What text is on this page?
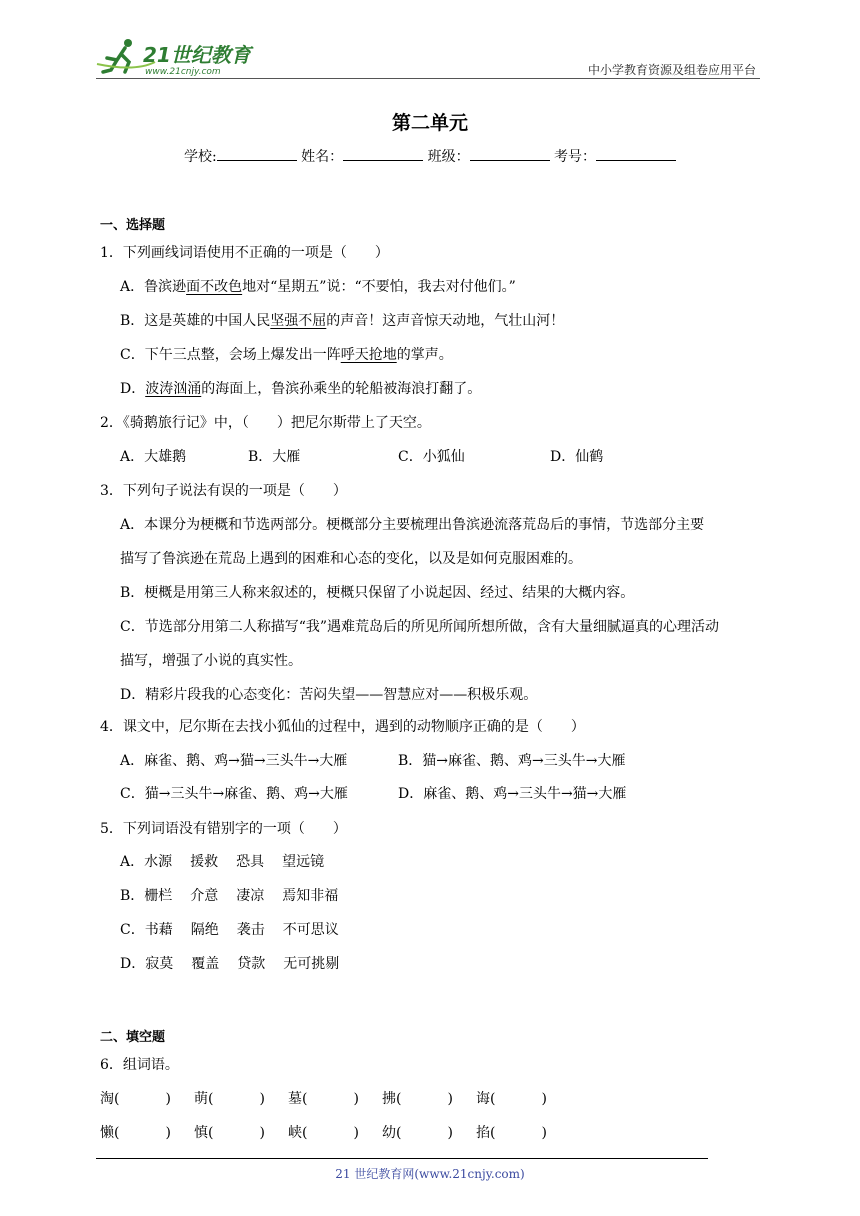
21世纪教育
www.21cnjy.com	中小学教育资源及组卷应用平台
第二单元
学校:	姓名：	班级：	考号：
一、选择题
1．下列画线词语使用不正确的一项是（　　）
A．鲁滨逊面不改色地对“星期五”说：“不要怕，我去对付他们。”
B．这是英雄的中国人民坚强不屈的声音！这声音惊天动地，气壮山河！
C．下午三点整，会场上爆发出一阵呼天抢地的掌声。
D．波涛汹涌的海面上，鲁滨孙乘坐的轮船被海浪打翻了。
2．《骑鹅旅行记》中，（　　）把尼尔斯带上了天空。
A．大雄鹅	B．大雁	C．小狐仙	D．仙鹤
3．下列句子说法有误的一项是（　　）
A．本课分为梗概和节选两部分。梗概部分主要梳理出鲁滨逊流落荒岛后的事情，节选部分主要
描写了鲁滨逊在荒岛上遇到的困难和心态的变化，以及是如何克服困难的。
B．梗概是用第三人称来叙述的，梗概只保留了小说起因、经过、结果的大概内容。
C．节选部分用第二人称描写“我”遇难荒岛后的所见所闻所想所做，含有大量细腻逼真的心理活动
描写，增强了小说的真实性。
D．精彩片段我的心态变化：苦闷失望——智慧应对——积极乐观。
4．课文中，尼尔斯在去找小狐仙的过程中，遇到的动物顺序正确的是（　　）
A．麻雀、鹅、鸡→猫→三头牛→大雁	B．猫→麻雀、鹅、鸡→三头牛→大雁
C．猫→三头牛→麻雀、鹅、鸡→大雁	D．麻雀、鹅、鸡→三头牛→猫→大雁
5．下列词语没有错别字的一项（　　）
A．水源 援救 恐具 望远镜
B．栅栏 介意 凄凉 焉知非福
C．书藉 隔绝 袭击 不可思议
D．寂莫 覆盖 贷款 无可挑剔
二、填空题
6．组词语。
淘(	) 萌(	) 墓(	) 拂(	) 诲(	)
懒(	) 慎(	) 峡(	) 幼(	) 掐(	)
21 世纪教育网(www.21cnjy.com)
